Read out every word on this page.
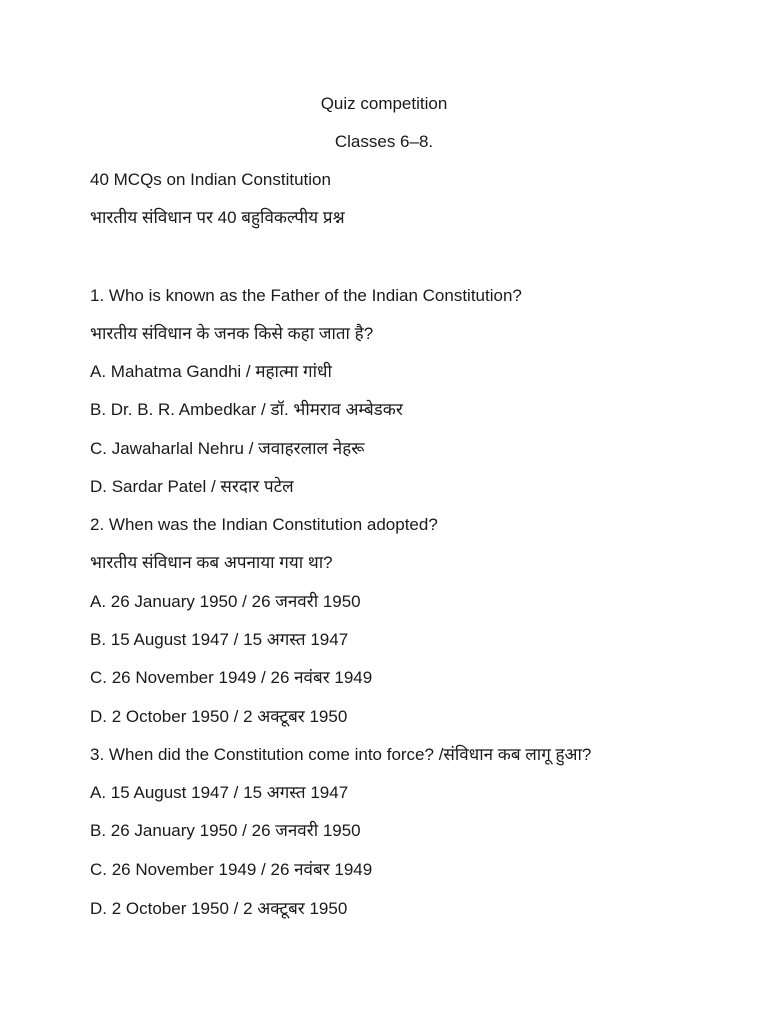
Quiz competition
Classes 6–8.
40 MCQs on Indian Constitution
भारतीय संविधान पर 40 बहुविकल्पीय प्रश्न
1. Who is known as the Father of the Indian Constitution?
भारतीय संविधान के जनक किसे कहा जाता है?
A. Mahatma Gandhi / महात्मा गांधी
B. Dr. B. R. Ambedkar / डॉ. भीमराव अम्बेडकर
C. Jawaharlal Nehru / जवाहरलाल नेहरू
D. Sardar Patel / सरदार पटेल
2. When was the Indian Constitution adopted?
भारतीय संविधान कब अपनाया गया था?
A. 26 January 1950 / 26 जनवरी 1950
B. 15 August 1947 / 15 अगस्त 1947
C. 26 November 1949 / 26 नवंबर 1949
D. 2 October 1950 / 2 अक्टूबर 1950
3. When did the Constitution come into force? /संविधान कब लागू हुआ?
A. 15 August 1947 / 15 अगस्त 1947
B. 26 January 1950 / 26 जनवरी 1950
C. 26 November 1949 / 26 नवंबर 1949
D. 2 October 1950 / 2 अक्टूबर 1950
